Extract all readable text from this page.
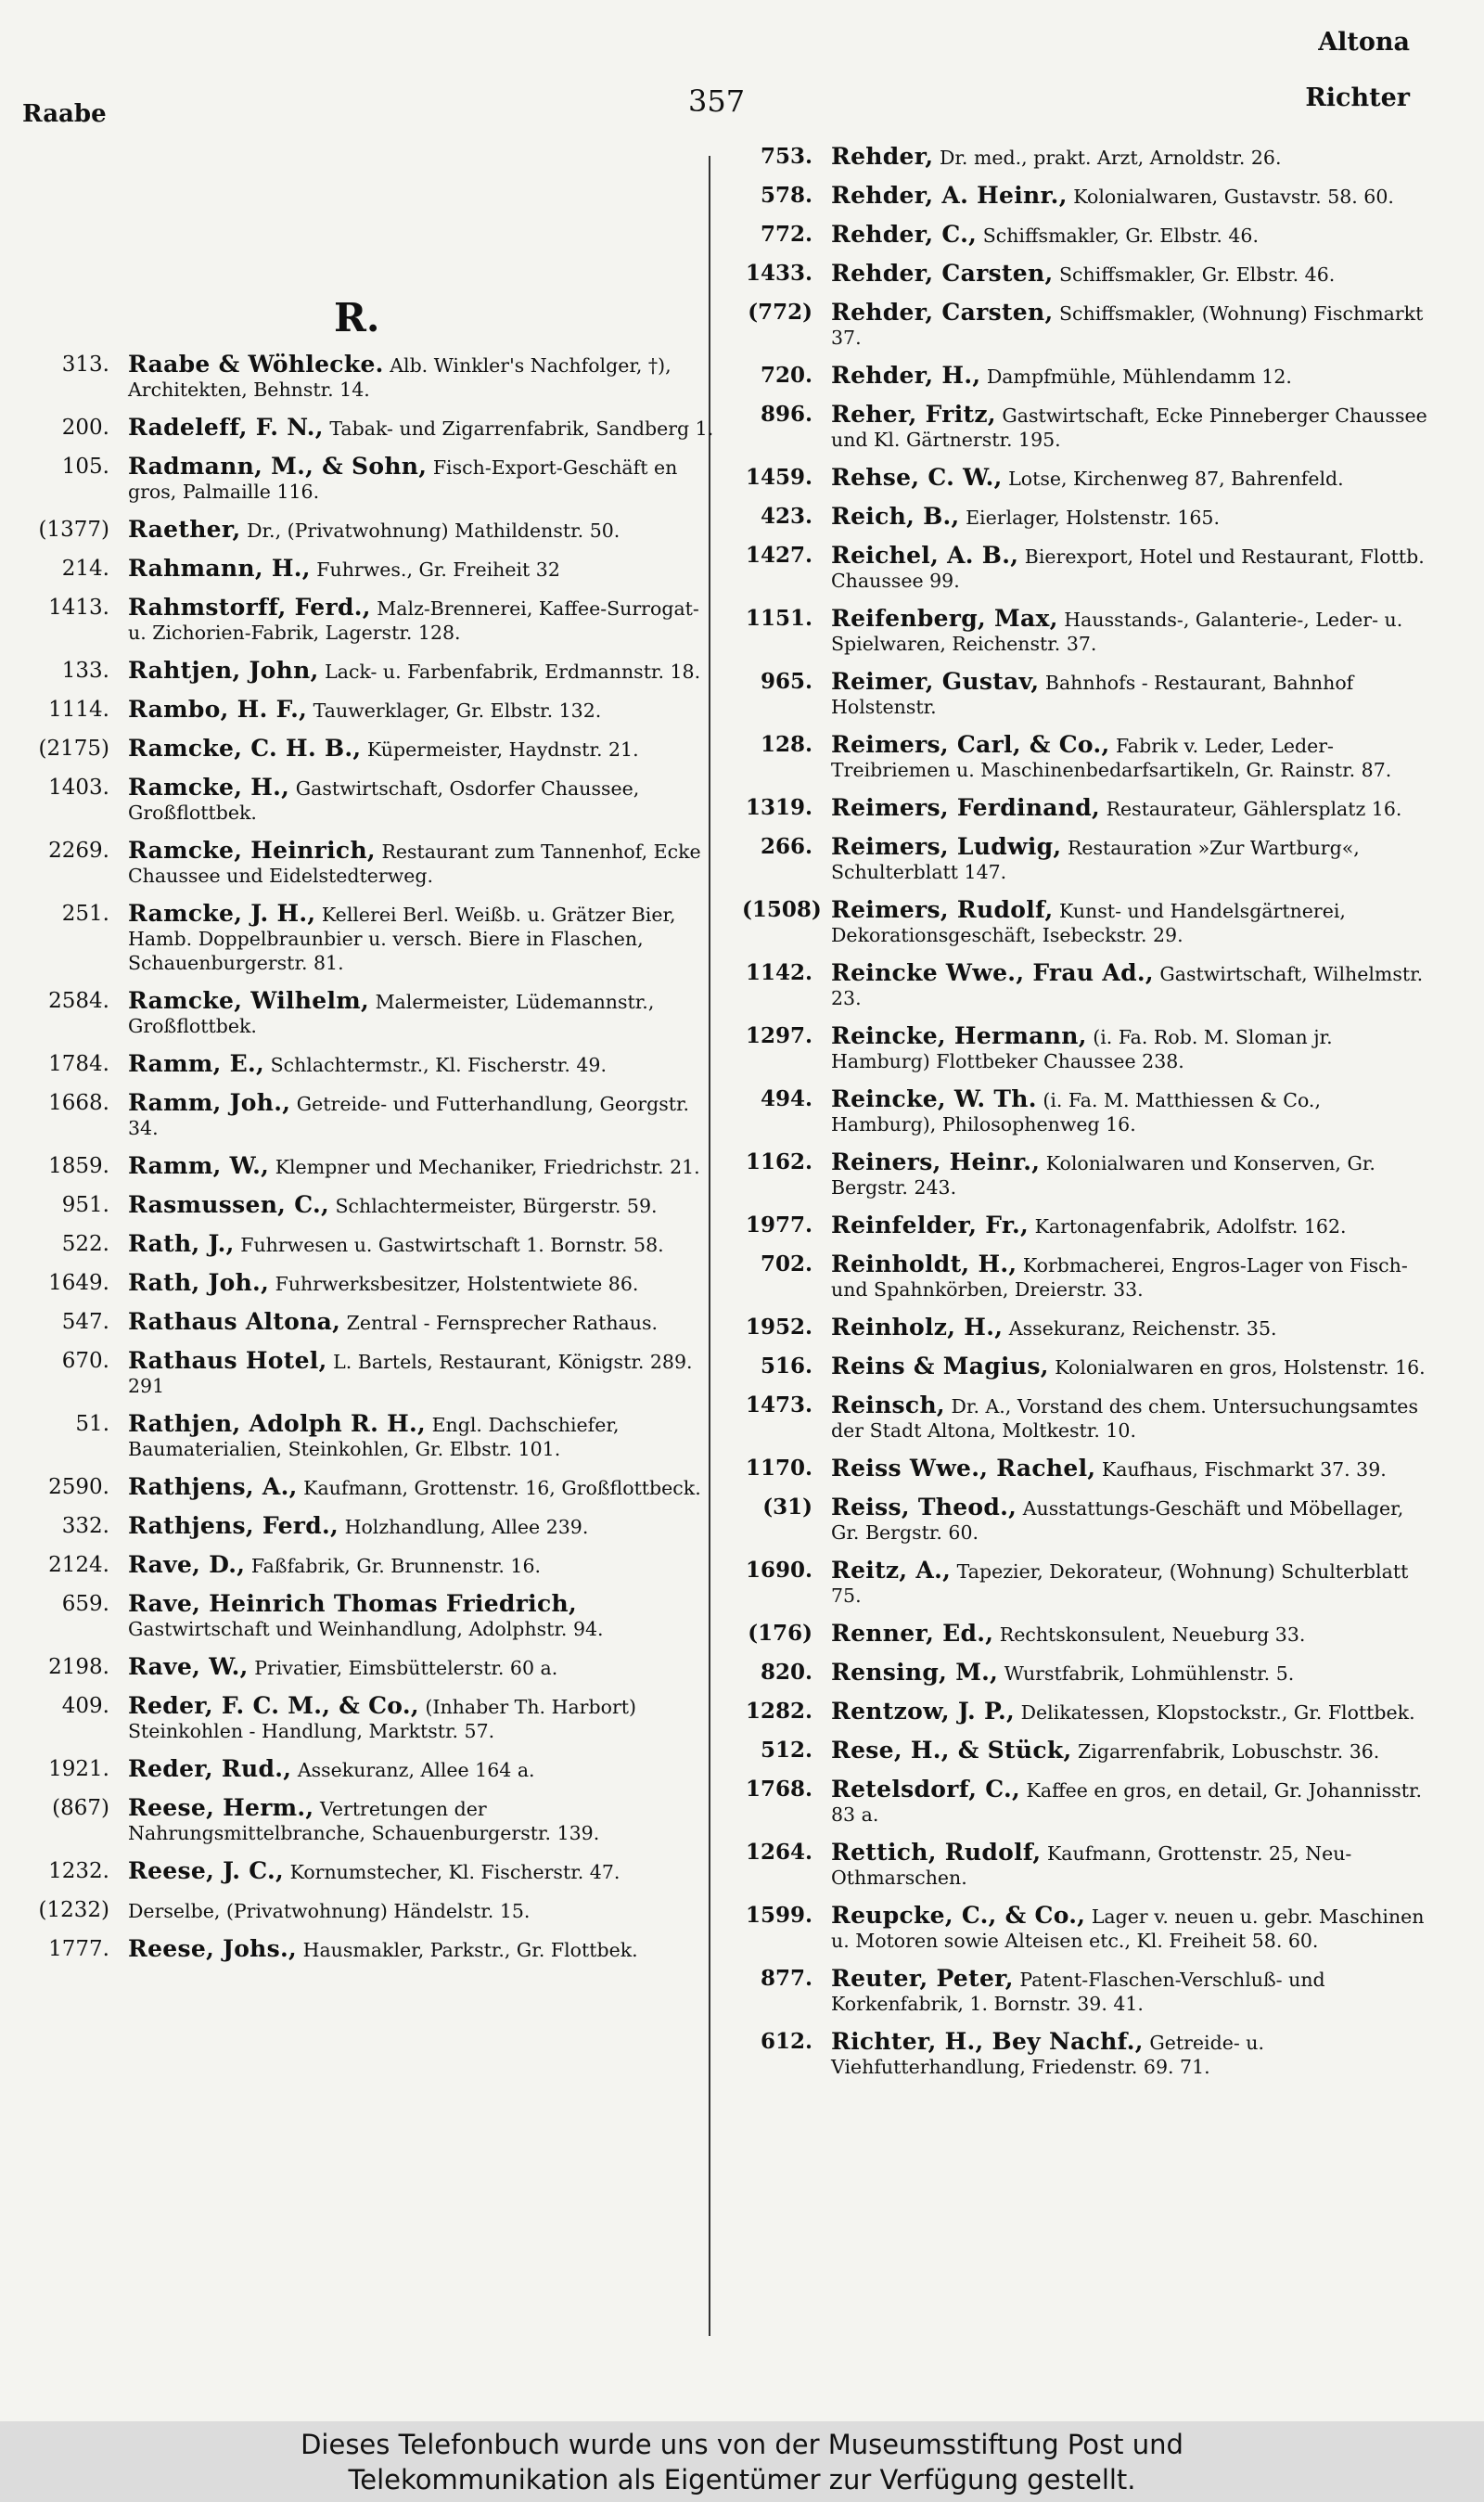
Raabe	357
Altona
Richter
R.
313. Raabe & Wöhlecke. Alb. Winkler's Nachfolger, †), Architekten, Behnstr. 14.
200. Radeleff, F. N., Tabak- und Zigarrenfabrik, Sandberg 1.
105. Radmann, M., & Sohn, Fisch-Export-Geschäft en gros, Palmaille 116.
(1377) Raether, Dr., (Privatwohnung) Mathildenstr. 50.
214. Rahmann, H., Fuhrwes., Gr. Freiheit 32
1413. Rahmstorff, Ferd., Malz-Brennerei, Kaffee-Surrogat- u. Zichorien-Fabrik, Lagerstr. 128.
133. Rahtjen, John, Lack- u. Farbenfabrik, Erdmannstr. 18.
1114. Rambo, H. F., Tauwerklager, Gr. Elbstr. 132.
(2175) Ramcke, C. H. B., Küpermeister, Haydnstr. 21.
1403. Ramcke, H., Gastwirtschaft, Osdorfer Chaussee, Großflottbek.
2269. Ramcke, Heinrich, Restaurant zum Tannenhof, Ecke Chaussee und Eidelstedterweg.
251. Ramcke, J. H., Kellerei Berl. Weißb. u. Grätzer Bier, Hamb. Doppelbraunbier u. versch. Biere in Flaschen, Schauenburgerstr. 81.
2584. Ramcke, Wilhelm, Malermeister, Lüdemannstr., Großflottbek.
1784. Ramm, E., Schlachtermstr., Kl. Fischerstr. 49.
1668. Ramm, Joh., Getreide- und Futterhandlung, Georgstr. 34.
1859. Ramm, W., Klempner und Mechaniker, Friedrichstr. 21.
951. Rasmussen, C., Schlachtermeister, Bürgerstr. 59.
522. Rath, J., Fuhrwesen u. Gastwirtschaft 1. Bornstr. 58.
1649. Rath, Joh., Fuhrwerksbesitzer, Holstentwiete 86.
547. Rathaus Altona, Zentral - Fernsprecher Rathaus.
670. Rathaus Hotel, L. Bartels, Restaurant, Königstr. 289. 291
51. Rathjen, Adolph R. H., Engl. Dachschiefer, Baumaterialien, Steinkohlen, Gr. Elbstr. 101.
2590. Rathjens, A., Kaufmann, Grottenstr. 16, Großflottbeck.
332. Rathjens, Ferd., Holzhandlung, Allee 239.
2124. Rave, D., Faßfabrik, Gr. Brunnenstr. 16.
659. Rave, Heinrich Thomas Friedrich, Gastwirtschaft und Weinhandlung, Adolphstr. 94.
2198. Rave, W., Privatier, Eimsbüttelerstr. 60 a.
409. Reder, F. C. M., & Co., (Inhaber Th. Harbort) Steinkohlen - Handlung, Marktstr. 57.
1921. Reder, Rud., Assekuranz, Allee 164 a.
(867) Reese, Herm., Vertretungen der Nahrungsmittelbranche, Schauenburgerstr. 139.
1232. Reese, J. C., Kornumstecher, Kl. Fischerstr. 47.
(1232) Derselbe, (Privatwohnung) Händelstr. 15.
1777. Reese, Johs., Hausmakler, Parkstr., Gr. Flottbek.
753. Rehder, Dr. med., prakt. Arzt, Arnoldstr. 26.
578. Rehder, A. Heinr., Kolonialwaren, Gustavstr. 58. 60.
772. Rehder, C., Schiffsmakler, Gr. Elbstr. 46.
1433. Rehder, Carsten, Schiffsmakler, Gr. Elbstr. 46.
(772) Rehder, Carsten, Schiffsmakler, (Wohnung) Fischmarkt 37.
720. Rehder, H., Dampfmühle, Mühlendamm 12.
896. Reher, Fritz, Gastwirtschaft, Ecke Pinneberger Chaussee und Kl. Gärtnerstr. 195.
1459. Rehse, C. W., Lotse, Kirchenweg 87, Bahrenfeld.
423. Reich, B., Eierlager, Holstenstr. 165.
1427. Reichel, A. B., Bierexport, Hotel und Restaurant, Flottb. Chaussee 99.
1151. Reifenberg, Max, Hausstands-, Galanterie-, Leder- u. Spielwaren, Reichenstr. 37.
965. Reimer, Gustav, Bahnhofs - Restaurant, Bahnhof Holstenstr.
128. Reimers, Carl, & Co., Fabrik v. Leder, Leder-Treibriemen u. Maschinenbedarfsartikeln, Gr. Rainstr. 87.
1319. Reimers, Ferdinand, Restaurateur, Gählersplatz 16.
266. Reimers, Ludwig, Restauration »Zur Wartburg«, Schulterblatt 147.
(1508) Reimers, Rudolf, Kunst- und Handelsgärtnerei, Dekorationsgeschäft, Isebeckstr. 29.
1142. Reincke Wwe., Frau Ad., Gastwirtschaft, Wilhelmstr. 23.
1297. Reincke, Hermann, (i. Fa. Rob. M. Sloman jr. Hamburg) Flottbeker Chaussee 238.
494. Reincke, W. Th. (i. Fa. M. Matthiessen & Co., Hamburg), Philosophenweg 16.
1162. Reiners, Heinr., Kolonialwaren und Konserven, Gr. Bergstr. 243.
1977. Reinfelder, Fr., Kartonagenfabrik, Adolfstr. 162.
702. Reinholdt, H., Korbmacherei, Engros-Lager von Fisch- und Spahnkörben, Dreierstr. 33.
1952. Reinholz, H., Assekuranz, Reichenstr. 35.
516. Reins & Magius, Kolonialwaren en gros, Holstenstr. 16.
1473. Reinsch, Dr. A., Vorstand des chem. Untersuchungsamtes der Stadt Altona, Moltkestr. 10.
1170. Reiss Wwe., Rachel, Kaufhaus, Fischmarkt 37. 39.
(31) Reiss, Theod., Ausstattungs-Geschäft und Möbellager, Gr. Bergstr. 60.
1690. Reitz, A., Tapezier, Dekorateur, (Wohnung) Schulterblatt 75.
(176) Renner, Ed., Rechtskonsulent, Neueburg 33.
820. Rensing, M., Wurstfabrik, Lohmühlenstr. 5.
1282. Rentzow, J. P., Delikatessen, Klopstockstr., Gr. Flottbek.
512. Rese, H., & Stück, Zigarrenfabrik, Lobuschstr. 36.
1768. Retelsdorf, C., Kaffee en gros, en detail, Gr. Johannisstr. 83 a.
1264. Rettich, Rudolf, Kaufmann, Grottenstr. 25, Neu-Othmarschen.
1599. Reupcke, C., & Co., Lager v. neuen u. gebr. Maschinen u. Motoren sowie Alteisen etc., Kl. Freiheit 58. 60.
877. Reuter, Peter, Patent-Flaschen-Verschluß- und Korkenfabrik, 1. Bornstr. 39. 41.
612. Richter, H., Bey Nachf., Getreide- u. Viehfutterhandlung, Friedenstr. 69. 71.
Dieses Telefonbuch wurde uns von der Museumsstiftung Post und
Telekommunikation als Eigentümer zur Verfügung gestellt.
